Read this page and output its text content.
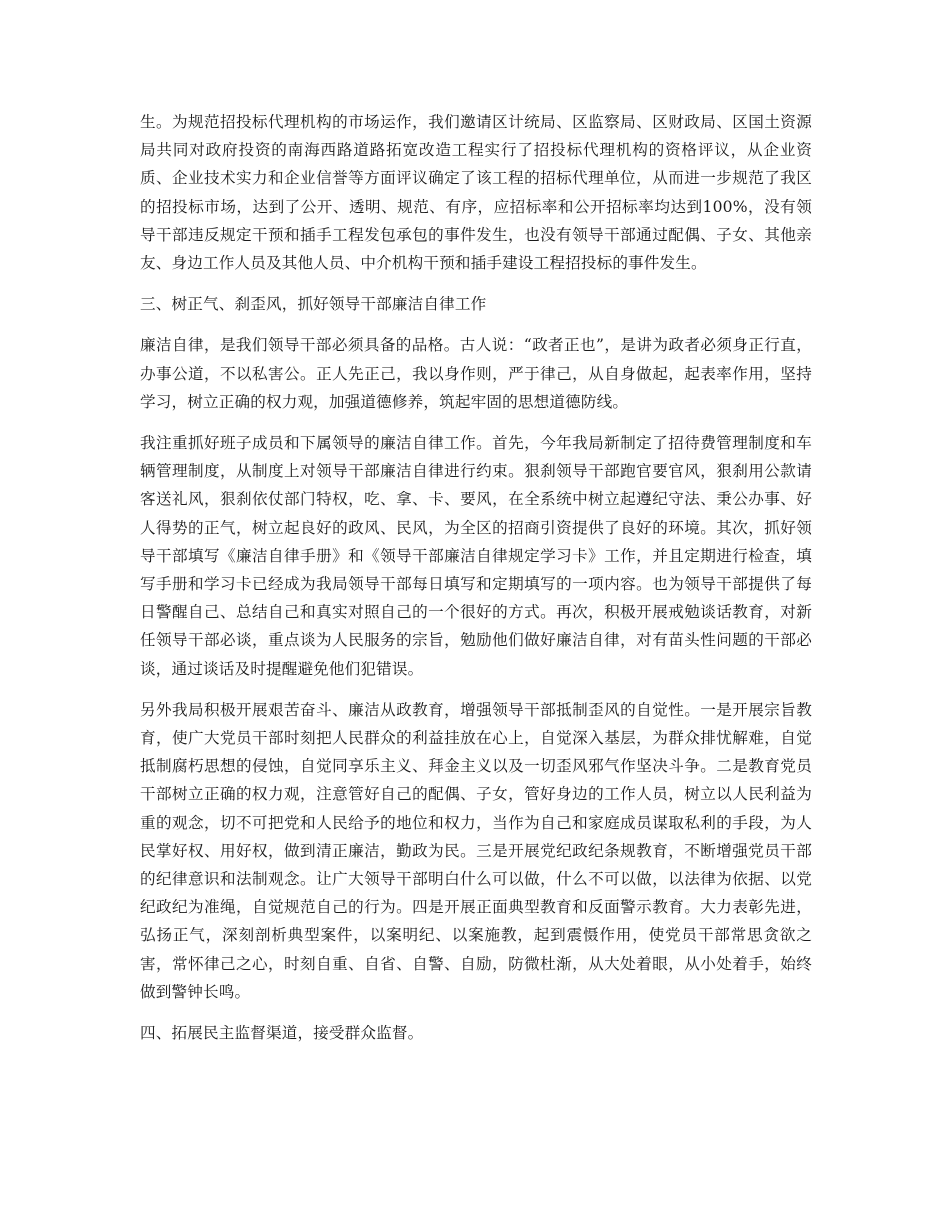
生。为规范招投标代理机构的市场运作，我们邀请区计统局、区监察局、区财政局、区国土资源局共同对政府投资的南海西路道路拓宽改造工程实行了招投标代理机构的资格评议，从企业资质、企业技术实力和企业信誉等方面评议确定了该工程的招标代理单位，从而进一步规范了我区的招投标市场，达到了公开、透明、规范、有序，应招标率和公开招标率均达到100%，没有领导干部违反规定干预和插手工程发包承包的事件发生，也没有领导干部通过配偶、子女、其他亲友、身边工作人员及其他人员、中介机构干预和插手建设工程招投标的事件发生。

三、树正气、刹歪风，抓好领导干部廉洁自律工作

廉洁自律，是我们领导干部必须具备的品格。古人说：“政者正也”，是讲为政者必须身正行直，办事公道，不以私害公。正人先正己，我以身作则，严于律己，从自身做起，起表率作用，坚持学习，树立正确的权力观，加强道德修养，筑起牢固的思想道德防线。

我注重抓好班子成员和下属领导的廉洁自律工作。首先，今年我局新制定了招待费管理制度和车辆管理制度，从制度上对领导干部廉洁自律进行约束。狠刹领导干部跑官要官风，狠刹用公款请客送礼风，狠刹依仗部门特权，吃、拿、卡、要风，在全系统中树立起遵纪守法、秉公办事、好人得势的正气，树立起良好的政风、民风，为全区的招商引资提供了良好的环境。其次，抓好领导干部填写《廉洁自律手册》和《领导干部廉洁自律规定学习卡》工作，并且定期进行检查，填写手册和学习卡已经成为我局领导干部每日填写和定期填写的一项内容。也为领导干部提供了每日警醒自己、总结自己和真实对照自己的一个很好的方式。再次，积极开展戒勉谈话教育，对新任领导干部必谈，重点谈为人民服务的宗旨，勉励他们做好廉洁自律，对有苗头性问题的干部必谈，通过谈话及时提醒避免他们犯错误。

另外我局积极开展艰苦奋斗、廉洁从政教育，增强领导干部抵制歪风的自觉性。一是开展宗旨教育，使广大党员干部时刻把人民群众的利益挂放在心上，自觉深入基层，为群众排忧解难，自觉抵制腐朽思想的侵蚀，自觉同享乐主义、拜金主义以及一切歪风邪气作坚决斗争。二是教育党员干部树立正确的权力观，注意管好自己的配偶、子女，管好身边的工作人员，树立以人民利益为重的观念，切不可把党和人民给予的地位和权力，当作为自己和家庭成员谋取私利的手段，为人民掌好权、用好权，做到清正廉洁，勤政为民。三是开展党纪政纪条规教育，不断增强党员干部的纪律意识和法制观念。让广大领导干部明白什么可以做，什么不可以做，以法律为依据、以党纪政纪为准绳，自觉规范自己的行为。四是开展正面典型教育和反面警示教育。大力表彰先进，弘扬正气，深刻剖析典型案件，以案明纪、以案施教，起到震慑作用，使党员干部常思贪欲之害，常怀律己之心，时刻自重、自省、自警、自励，防微杜渐，从大处着眼，从小处着手，始终做到警钟长鸣。

四、拓展民主监督渠道，接受群众监督。
